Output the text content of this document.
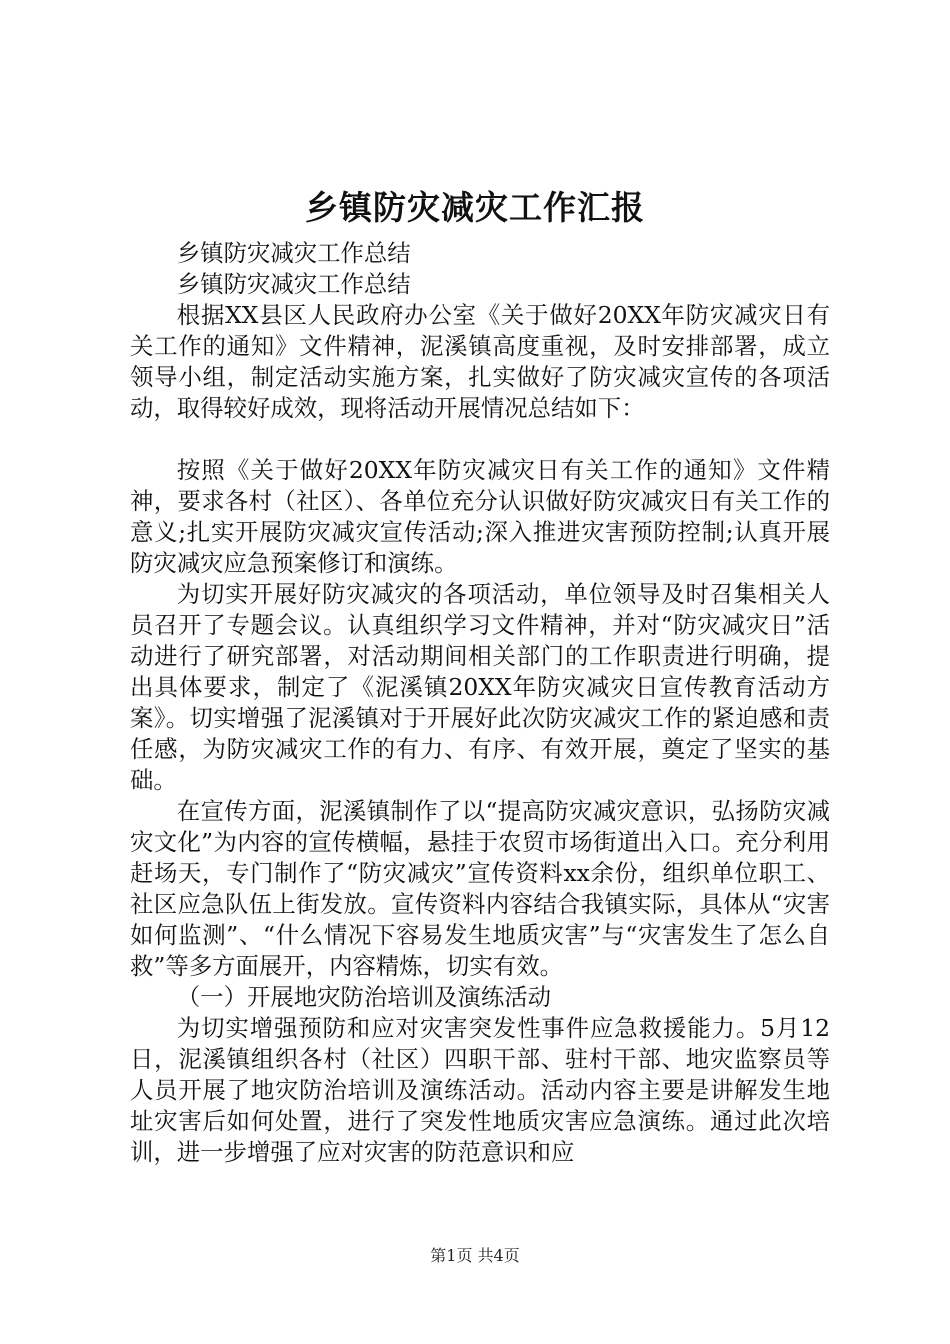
乡镇防灾减灾工作汇报

乡镇防灾减灾工作总结

乡镇防灾减灾工作总结

根据XX县区人民政府办公室《关于做好20XX年防灾减灾日有关工作的通知》文件精神，泥溪镇高度重视，及时安排部署，成立领导小组，制定活动实施方案，扎实做好了防灾减灾宣传的各项活动，取得较好成效，现将活动开展情况总结如下：

按照《关于做好20XX年防灾减灾日有关工作的通知》文件精神，要求各村（社区）、各单位充分认识做好防灾减灾日有关工作的意义;扎实开展防灾减灾宣传活动;深入推进灾害预防控制;认真开展防灾减灾应急预案修订和演练。

为切实开展好防灾减灾的各项活动，单位领导及时召集相关人员召开了专题会议。认真组织学习文件精神，并对“防灾减灾日”活动进行了研究部署，对活动期间相关部门的工作职责进行明确，提出具体要求，制定了《泥溪镇20XX年防灾减灾日宣传教育活动方案》。切实增强了泥溪镇对于开展好此次防灾减灾工作的紧迫感和责任感，为防灾减灾工作的有力、有序、有效开展，奠定了坚实的基础。

在宣传方面，泥溪镇制作了以“提高防灾减灾意识，弘扬防灾减灾文化”为内容的宣传横幅，悬挂于农贸市场街道出入口。充分利用赶场天，专门制作了“防灾减灾”宣传资料xx余份，组织单位职工、社区应急队伍上街发放。宣传资料内容结合我镇实际，具体从“灾害如何监测”、“什么情况下容易发生地质灾害”与“灾害发生了怎么自救”等多方面展开，内容精炼，切实有效。

（一）开展地灾防治培训及演练活动

为切实增强预防和应对灾害突发性事件应急救援能力。5月12日，泥溪镇组织各村（社区）四职干部、驻村干部、地灾监察员等人员开展了地灾防治培训及演练活动。活动内容主要是讲解发生地址灾害后如何处置，进行了突发性地质灾害应急演练。通过此次培训，进一步增强了应对灾害的防范意识和应

第1页 共4页
